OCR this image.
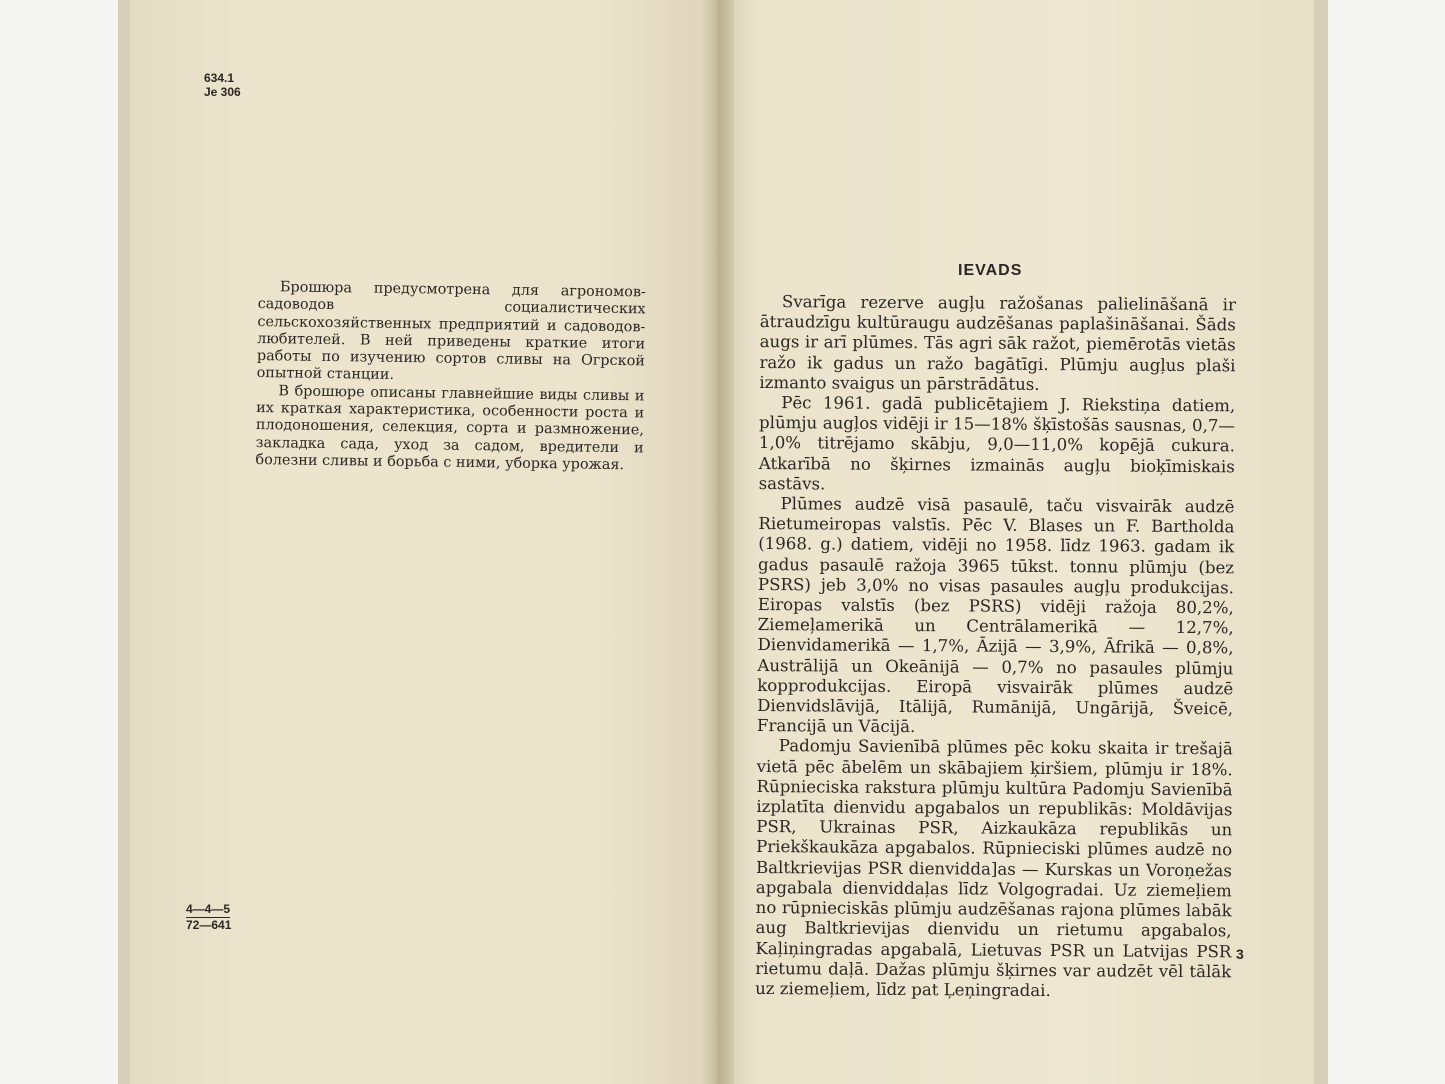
634.1
Je 306

Брошюра предусмотрена для агрономов-садоводов социалистических сельскохозяйственных предприятий и садоводов-любителей. В ней приведены краткие итоги работы по изучению сортов сливы на Огрской опытной станции.

В брошюре описаны главнейшие виды сливы и их краткая характеристика, особенности роста и плодоношения, селекция, сорта и размножение, закладка сада, уход за садом, вредители и болезни сливы и борьба с ними, уборка урожая.

4—4—5
72—641
IEVADS

Svarīga rezerve augļu ražošanas palielināšanā ir ātraudzīgu kultūraugu audzēšanas paplašināšanai. Šāds augs ir arī plūmes. Tās agri sāk ražot, piemērotās vietās ražo ik gadus un ražo bagātīgi. Plūmju augļus plaši izmanto svaigus un pārstrādātus.

Pēc 1961. gadā publicētajiem J. Riekstiņa datiem, plūmju augļos vidēji ir 15—18% šķīstošās sausnas, 0,7—1,0% titrējamo skābju, 9,0—11,0% kopējā cukura. Atkarībā no šķirnes izmainās augļu bioķīmiskais sastāvs.

Plūmes audzē visā pasaulē, taču visvairāk audzē Rietumeiropas valstīs. Pēc V. Blases un F. Bartholda (1968. g.) datiem, vidēji no 1958. līdz 1963. gadam ik gadus pasaulē ražoja 3965 tūkst. tonnu plūmju (bez PSRS) jeb 3,0% no visas pasaules augļu produkcijas. Eiropas valstīs (bez PSRS) vidēji ražoja 80,2%, Ziemeļamerikā un Centrālamerikā — 12,7%, Dienvidamerikā — 1,7%, Āzijā — 3,9%, Āfrikā — 0,8%, Austrālijā un Okeānijā — 0,7% no pasaules plūmju kopprodukcijas. Eiropā visvairāk plūmes audzē Dienvidslāvijā, Itālijā, Rumānijā, Ungārijā, Šveicē, Francijā un Vācijā.

Padomju Savienībā plūmes pēc koku skaita ir trešajā vietā pēc ābelēm un skābajiem ķiršiem, plūmju ir 18%. Rūpnieciska rakstura plūmju kultūra Padomju Savienībā izplatīta dienvidu apgabalos un republikās: Moldāvijas PSR, Ukrainas PSR, Aizkaukāza republikās un Priekškaukāza apgabalos. Rūpnieciski plūmes audzē no Baltkrievijas PSR dienvidda]as — Kurskas un Voroņežas apgabala dienviddaļas līdz Volgogradai. Uz ziemeļiem no rūpnieciskās plūmju audzēšanas rajona plūmes labāk aug Baltkrievijas dienvidu un rietumu apgabalos, Kaļiņingradas apgabalā, Lietuvas PSR un Latvijas PSR rietumu daļā. Dažas plūmju šķirnes var audzēt vēl tālāk uz ziemeļiem, līdz pat Ļeņingradai.

3
